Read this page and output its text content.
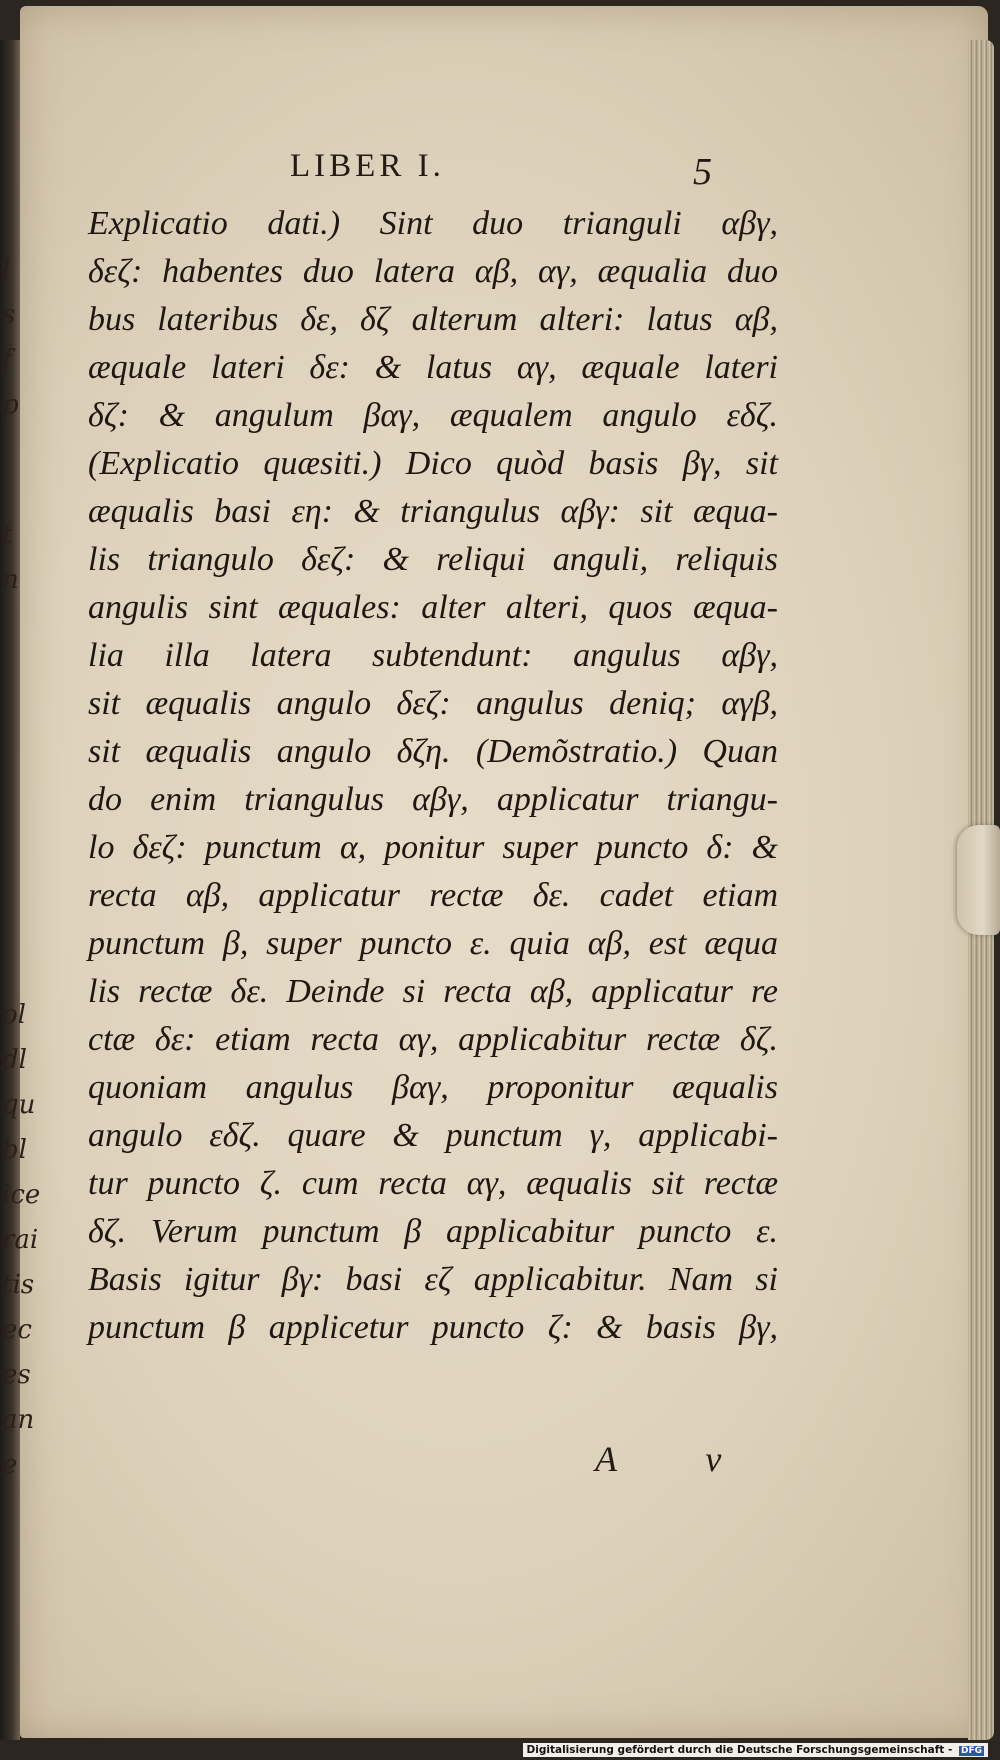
l
s
f
p
t
n
ol
dl
qu
bl
ice
rai
tis
ec
es
an
e
LIBER I.	5
Explicatio dati.) Sint duo trianguli αβγ,
δεζ: habentes duo latera αβ, αγ, æqualia duo
bus lateribus δε, δζ alterum alteri: latus αβ,
æquale lateri δε: & latus αγ, æquale lateri
δζ: & angulum βαγ, æqualem angulo εδζ.
(Explicatio quæsiti.) Dico quòd basis βγ, sit
æqualis basi εη: & triangulus αβγ: sit æqua-
lis triangulo δεζ: & reliqui anguli, reliquis
angulis sint æquales: alter alteri, quos æqua-
lia illa latera subtendunt: angulus αβγ,
sit æqualis angulo δεζ: angulus deniq; αγβ,
sit æqualis angulo δζη. (Demõstratio.) Quan
do enim triangulus αβγ, applicatur triangu-
lo δεζ: punctum α, ponitur super puncto δ: &
recta αβ, applicatur rectæ δε. cadet etiam
punctum β, super puncto ε. quia αβ, est æqua
lis rectæ δε. Deinde si recta αβ, applicatur re
ctæ δε: etiam recta αγ, applicabitur rectæ δζ.
quoniam angulus βαγ, proponitur æqualis
angulo εδζ. quare & punctum γ, applicabi-
tur puncto ζ. cum recta αγ, æqualis sit rectæ
δζ. Verum punctum β applicabitur puncto ε.
Basis igitur βγ: basi εζ applicabitur. Nam si
punctum β applicetur puncto ζ: & basis βγ,
A v
Digitalisierung gefördert durch die Deutsche Forschungsgemeinschaft - DFG
